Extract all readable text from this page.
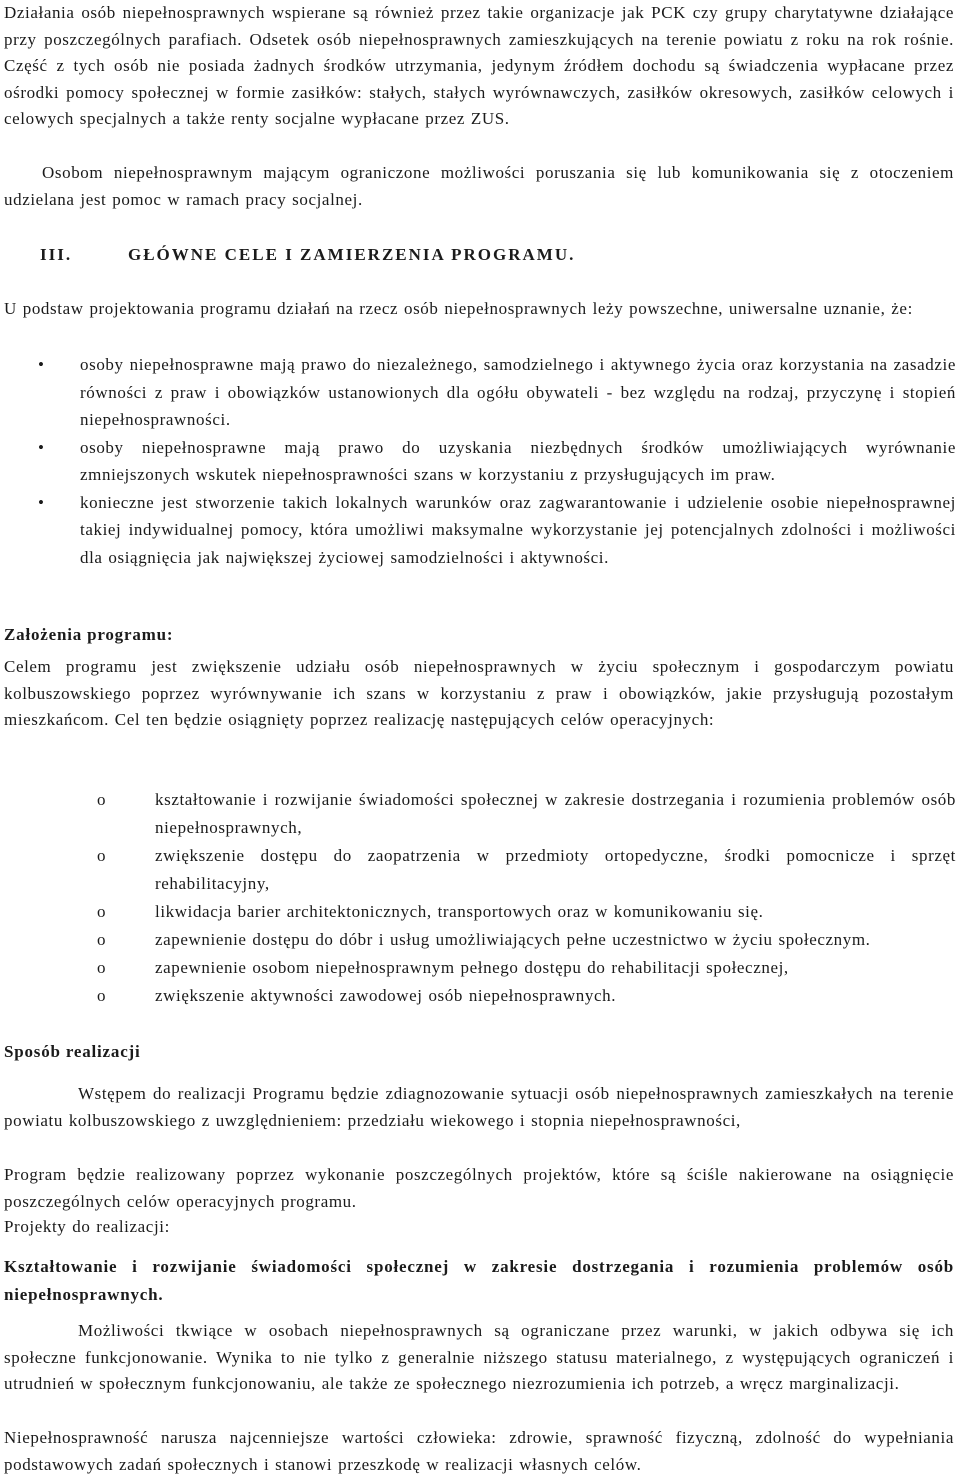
Działania osób niepełnosprawnych wspierane są również przez takie organizacje jak PCK czy grupy charytatywne działające przy poszczególnych parafiach. Odsetek osób niepełnosprawnych zamieszkujących na terenie powiatu z roku na rok rośnie. Część z tych osób nie posiada żadnych środków utrzymania, jedynym źródłem dochodu są świadczenia wypłacane przez ośrodki pomocy społecznej w formie zasiłków: stałych, stałych wyrównawczych, zasiłków okresowych, zasiłków celowych i celowych specjalnych a także renty socjalne wypłacane przez ZUS.

Osobom niepełnosprawnym mającym ograniczone możliwości poruszania się lub komunikowania się z otoczeniem udzielana jest pomoc w ramach pracy socjalnej.

III.	GŁÓWNE CELE I ZAMIERZENIA PROGRAMU.

U podstaw projektowania programu działań na rzecz osób niepełnosprawnych leży powszechne, uniwersalne uznanie, że:

• osoby niepełnosprawne mają prawo do niezależnego, samodzielnego i aktywnego życia oraz korzystania na zasadzie równości z praw i obowiązków ustanowionych dla ogółu obywateli - bez względu na rodzaj, przyczynę i stopień niepełnosprawności.
• osoby niepełnosprawne mają prawo do uzyskania niezbędnych środków umożliwiających wyrównanie zmniejszonych wskutek niepełnosprawności szans w korzystaniu z przysługujących im praw.
• konieczne jest stworzenie takich lokalnych warunków oraz zagwarantowanie i udzielenie osobie niepełnosprawnej takiej indywidualnej pomocy, która umożliwi maksymalne wykorzystanie jej potencjalnych zdolności i możliwości dla osiągnięcia jak największej życiowej samodzielności i aktywności.

Założenia programu:

Celem programu jest zwiększenie udziału osób niepełnosprawnych w życiu społecznym i gospodarczym powiatu kolbuszowskiego poprzez wyrównywanie ich szans w korzystaniu z praw i obowiązków, jakie przysługują pozostałym mieszkańcom. Cel ten będzie osiągnięty poprzez realizację następujących celów operacyjnych:

o	kształtowanie i rozwijanie świadomości społecznej w zakresie dostrzegania i rozumienia problemów osób niepełnosprawnych,
o	zwiększenie dostępu do zaopatrzenia w przedmioty ortopedyczne, środki pomocnicze i sprzęt rehabilitacyjny,
o	likwidacja barier architektonicznych, transportowych oraz w komunikowaniu się.
o	zapewnienie dostępu do dóbr i usług umożliwiających pełne uczestnictwo w życiu społecznym.
o	zapewnienie osobom niepełnosprawnym pełnego dostępu do rehabilitacji społecznej,
o	zwiększenie aktywności zawodowej osób niepełnosprawnych.

Sposób realizacji

Wstępem do realizacji Programu będzie zdiagnozowanie sytuacji osób niepełnosprawnych zamieszkałych na terenie powiatu kolbuszowskiego z uwzględnieniem: przedziału wiekowego i stopnia niepełnosprawności,

Program będzie realizowany poprzez wykonanie poszczególnych projektów, które są ściśle nakierowane na osiągnięcie poszczególnych celów operacyjnych programu.

Projekty do realizacji:

Kształtowanie i rozwijanie świadomości społecznej w zakresie dostrzegania i rozumienia problemów osób niepełnosprawnych.

Możliwości tkwiące w osobach niepełnosprawnych są ograniczane przez warunki, w jakich odbywa się ich społeczne funkcjonowanie. Wynika to nie tylko z generalnie niższego statusu materialnego, z występujących ograniczeń i utrudnień w społecznym funkcjonowaniu, ale także ze społecznego niezrozumienia ich potrzeb, a wręcz marginalizacji.

Niepełnosprawność narusza najcenniejsze wartości człowieka: zdrowie, sprawność fizyczną, zdolność do wypełniania podstawowych zadań społecznych i stanowi przeszkodę w realizacji własnych celów.
